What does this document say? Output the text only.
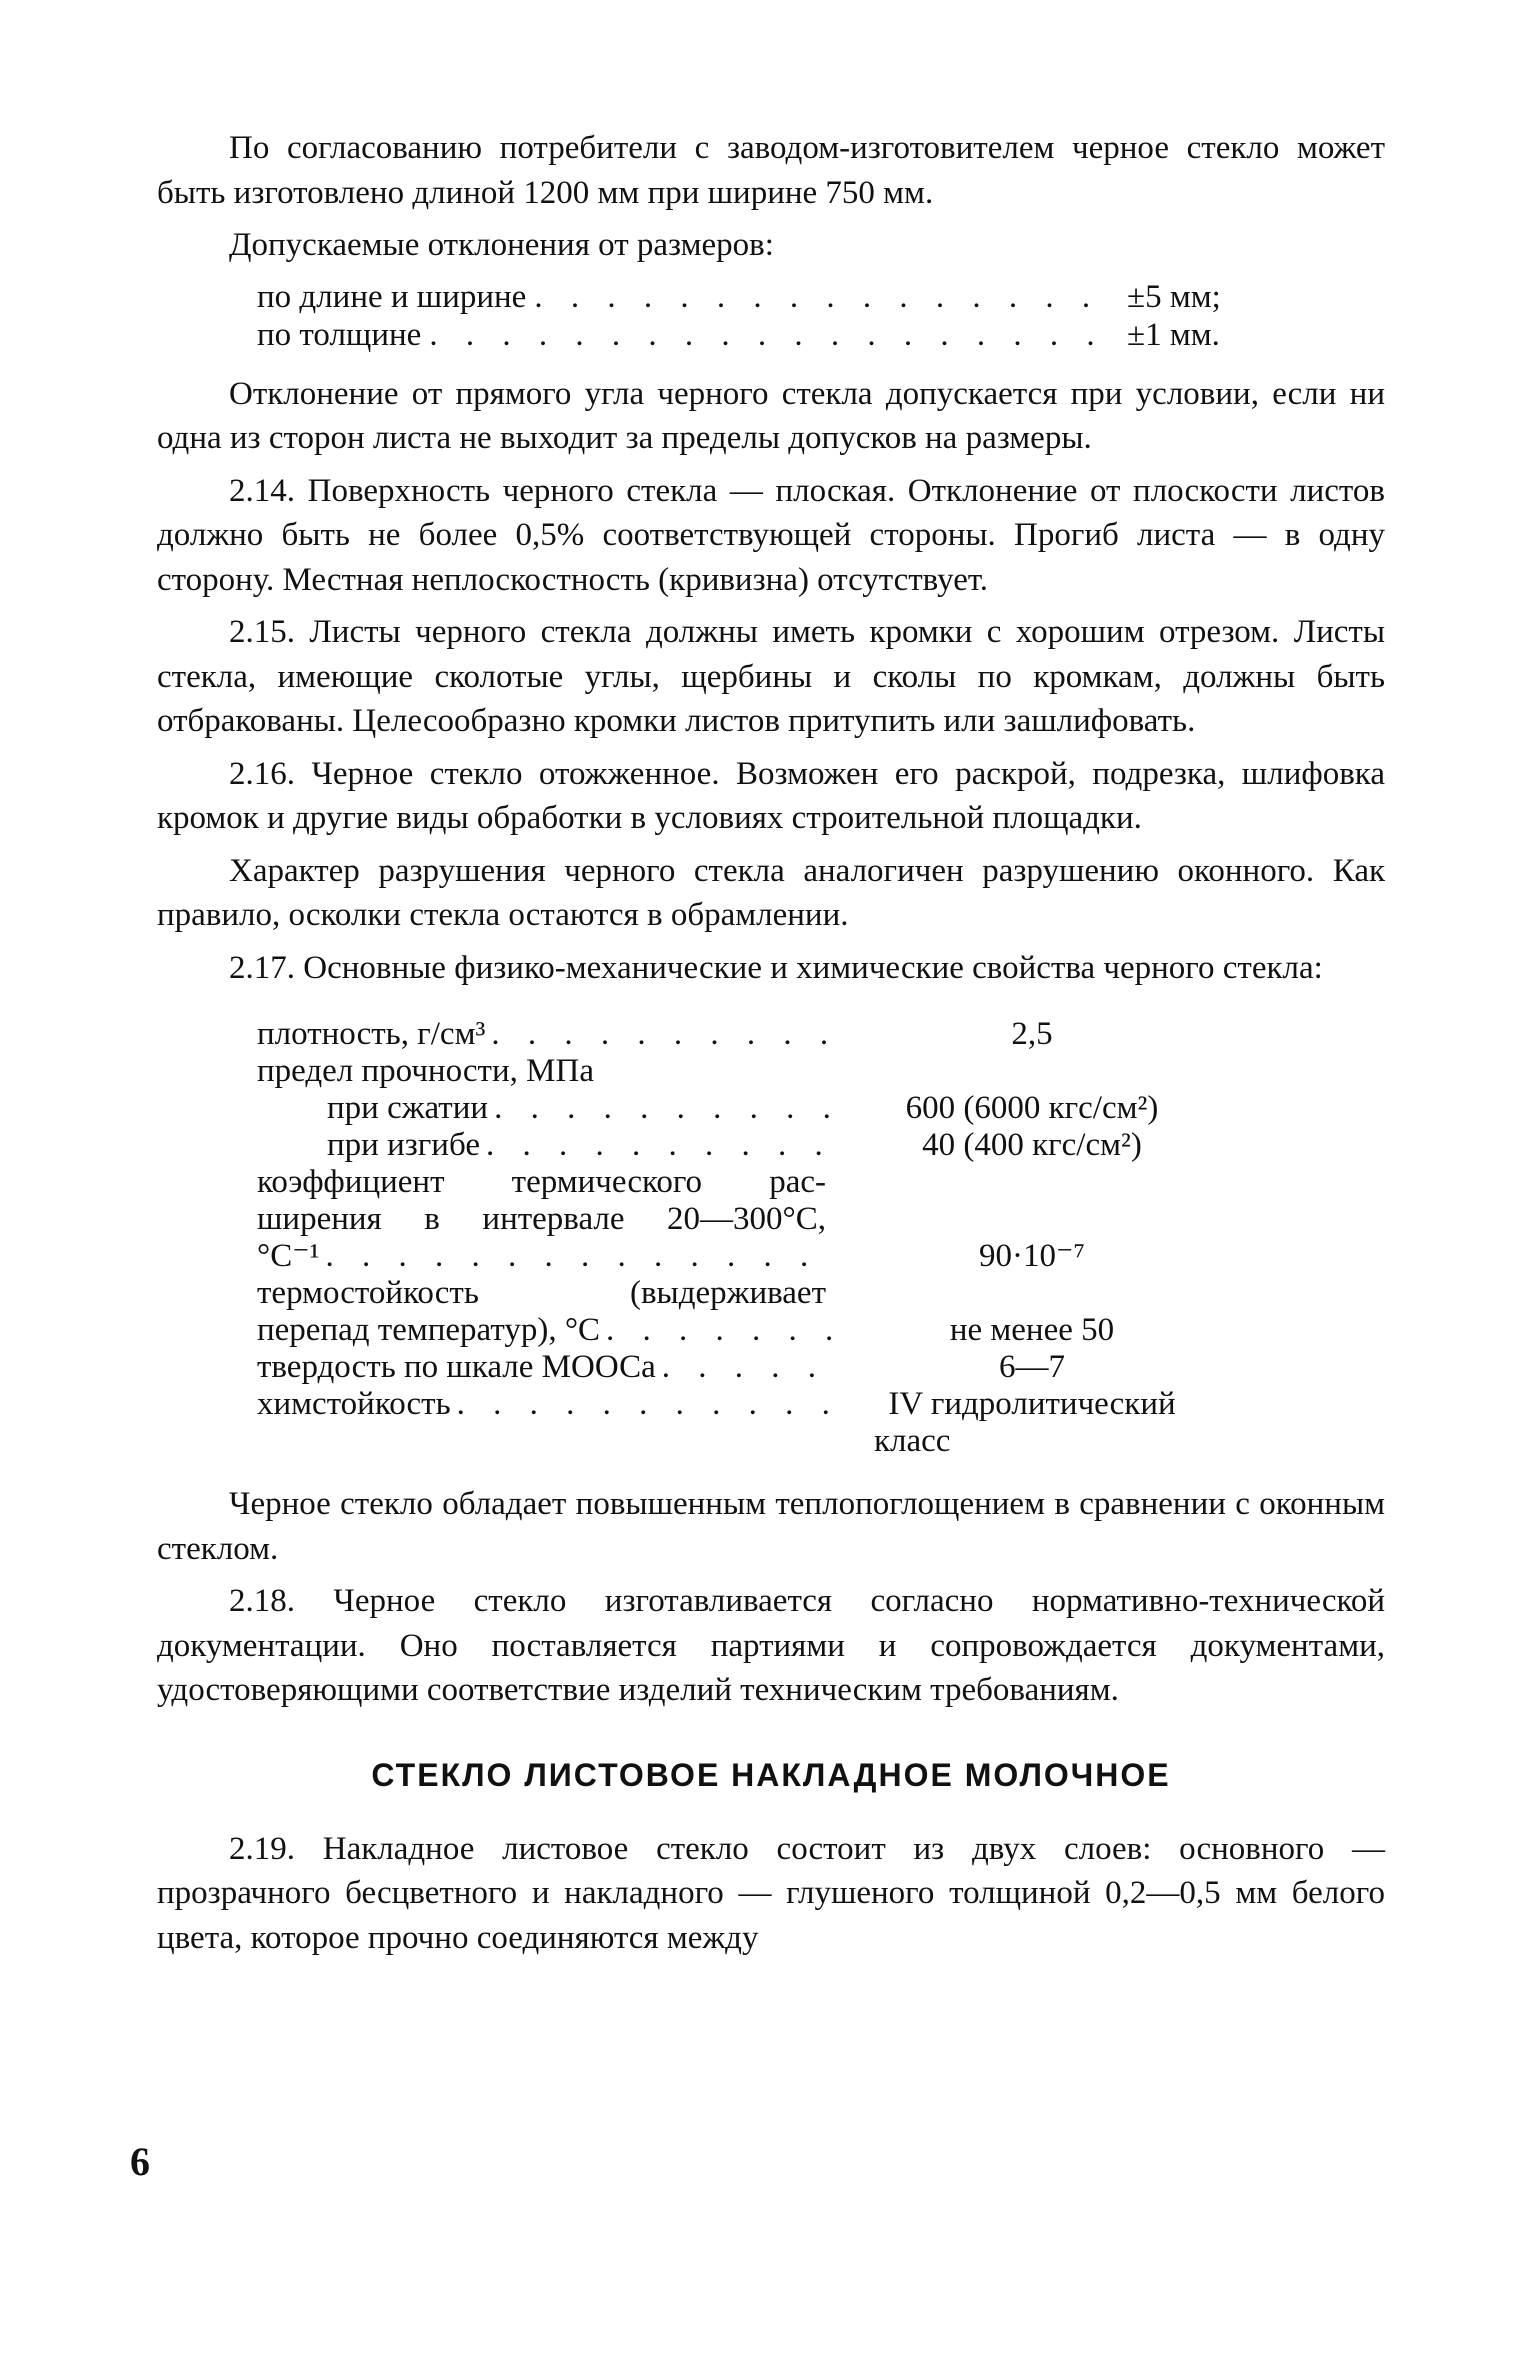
По согласованию потребители с заводом-изготовителем черное стекло может быть изготовлено длиной 1200 мм при ширине 750 мм.

Допускаемые отклонения от размеров:

по длине и ширине . . .	±5 мм;
по толщине . . .	±1 мм.

Отклонение от прямого угла черного стекла допускается при условии, если ни одна из сторон листа не выходит за пределы допусков на размеры.

2.14. Поверхность черного стекла — плоская. Отклонение от плоскости листов должно быть не более 0,5% соответствующей стороны. Прогиб листа — в одну сторону. Местная неплоскостность (кривизна) отсутствует.

2.15. Листы черного стекла должны иметь кромки с хорошим отрезом. Листы стекла, имеющие сколотые углы, щербины и сколы по кромкам, должны быть отбракованы. Целесообразно кромки листов притупить или зашлифовать.

2.16. Черное стекло отожженное. Возможен его раскрой, подрезка, шлифовка кромок и другие виды обработки в условиях строительной площадки.

Характер разрушения черного стекла аналогичен разрушению оконного. Как правило, осколки стекла остаются в обрамлении.

2.17. Основные физико-механические и химические свойства черного стекла:

плотность, г/см³ . . .	2,5
предел прочности, МПа
при сжатии . . .	600 (6000 кгс/см²)
при изгибе . . .	40 (400 кгс/см²)
коэффициент термического рас-
ширения в интервале 20—300°С,
°С⁻¹ . . .	90·10⁻⁷
термостойкость (выдерживает
перепад температур), °С . . .	не менее 50
твердость по шкале МООСа . . .	6—7
химстойкость . . .	IV гидролитический
класс

Черное стекло обладает повышенным теплопоглощением в сравнении с оконным стеклом.

2.18. Черное стекло изготавливается согласно нормативно-технической документации. Оно поставляется партиями и сопровождается документами, удостоверяющими соответствие изделий техническим требованиям.

СТЕКЛО ЛИСТОВОЕ НАКЛАДНОЕ МОЛОЧНОЕ

2.19. Накладное листовое стекло состоит из двух слоев: основного — прозрачного бесцветного и накладного — глушеного толщиной 0,2—0,5 мм белого цвета, которое прочно соединяются между

6
